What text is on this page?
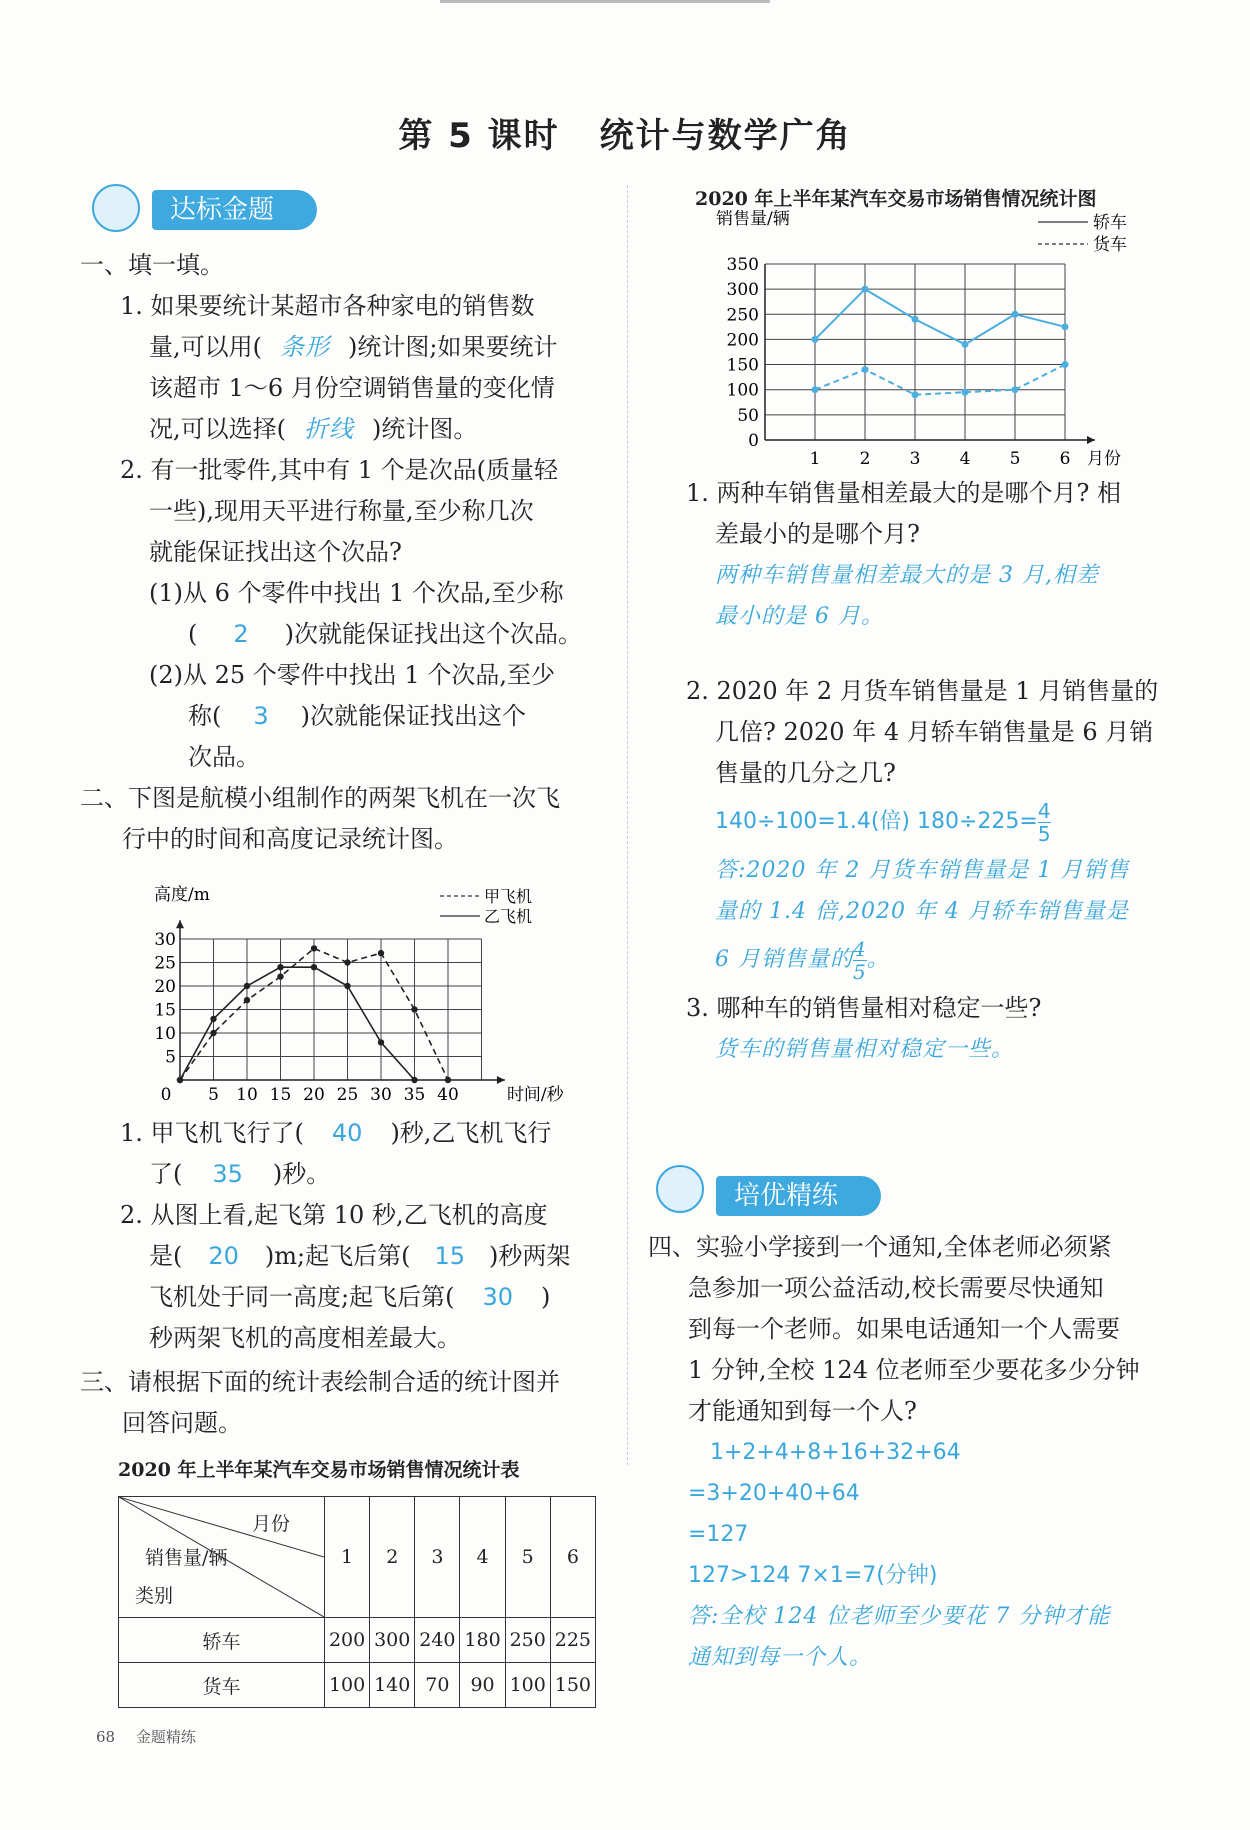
第 5 课时 统计与数学广角
达标金题
一、填一填。
1. 如果要统计某超市各种家电的销售数
量,可以用( 条形 )统计图;如果要统计
该超市 1～6 月份空调销售量的变化情
况,可以选择( 折线 )统计图。
2. 有一批零件,其中有 1 个是次品(质量轻
一些),现用天平进行称量,至少称几次
就能保证找出这个次品?
(1)从 6 个零件中找出 1 个次品,至少称
( 2 )次就能保证找出这个次品。
(2)从 25 个零件中找出 1 个次品,至少
称( 3 )次就能保证找出这个
次品。
二、下图是航模小组制作的两架飞机在一次飞
行中的时间和高度记录统计图。
0 5 10 15 20 25 30 35 40
5
10
15
20
25
30
高度/m
时间/秒
甲飞机
乙飞机
1. 甲飞机飞行了( 40 )秒,乙飞机飞行
了( 35 )秒。
2. 从图上看,起飞第 10 秒,乙飞机的高度
是( 20 )m;起飞后第( 15 )秒两架
飞机处于同一高度;起飞后第( 30 )
秒两架飞机的高度相差最大。
三、请根据下面的统计表绘制合适的统计图并
回答问题。
2020 年上半年某汽车交易市场销售情况统计表
月份
销售量/辆
类别	1	2	3	4	5	6
轿车	200	300	240	180	250	225
货车	100	140	70	90	100	150
68 金题精练
2020 年上半年某汽车交易市场销售情况统计图
0
50
100
150
200
250
300
350
1 2 3 4 5 6
销售量/辆
月份
轿车
货车
1. 两种车销售量相差最大的是哪个月? 相
差最小的是哪个月?
两种车销售量相差最大的是 3 月,相差
最小的是 6 月。
2. 2020 年 2 月货车销售量是 1 月销售量的
几倍? 2020 年 4 月轿车销售量是 6 月销
售量的几分之几?
140÷100=1.4(倍) $180\div 225= \frac{4}{5}$
答:2020 年 2 月货车销售量是 1 月销售
量的 1.4 倍,2020 年 4 月轿车销售量是
6 月销售量的 $\frac{4}{5}$ 。
3. 哪种车的销售量相对稳定一些?
货车的销售量相对稳定一些。
培优精练
四、实验小学接到一个通知,全体老师必须紧
急参加一项公益活动,校长需要尽快通知
到每一个老师。如果电话通知一个人需要
1 分钟,全校 124 位老师至少要花多少分钟
才能通知到每一个人?
1+2+4+8+16+32+64
=3+20+40+64
=127
127>124 7×1=7(分钟)
答:全校 124 位老师至少要花 7 分钟才能
通知到每一个人。
